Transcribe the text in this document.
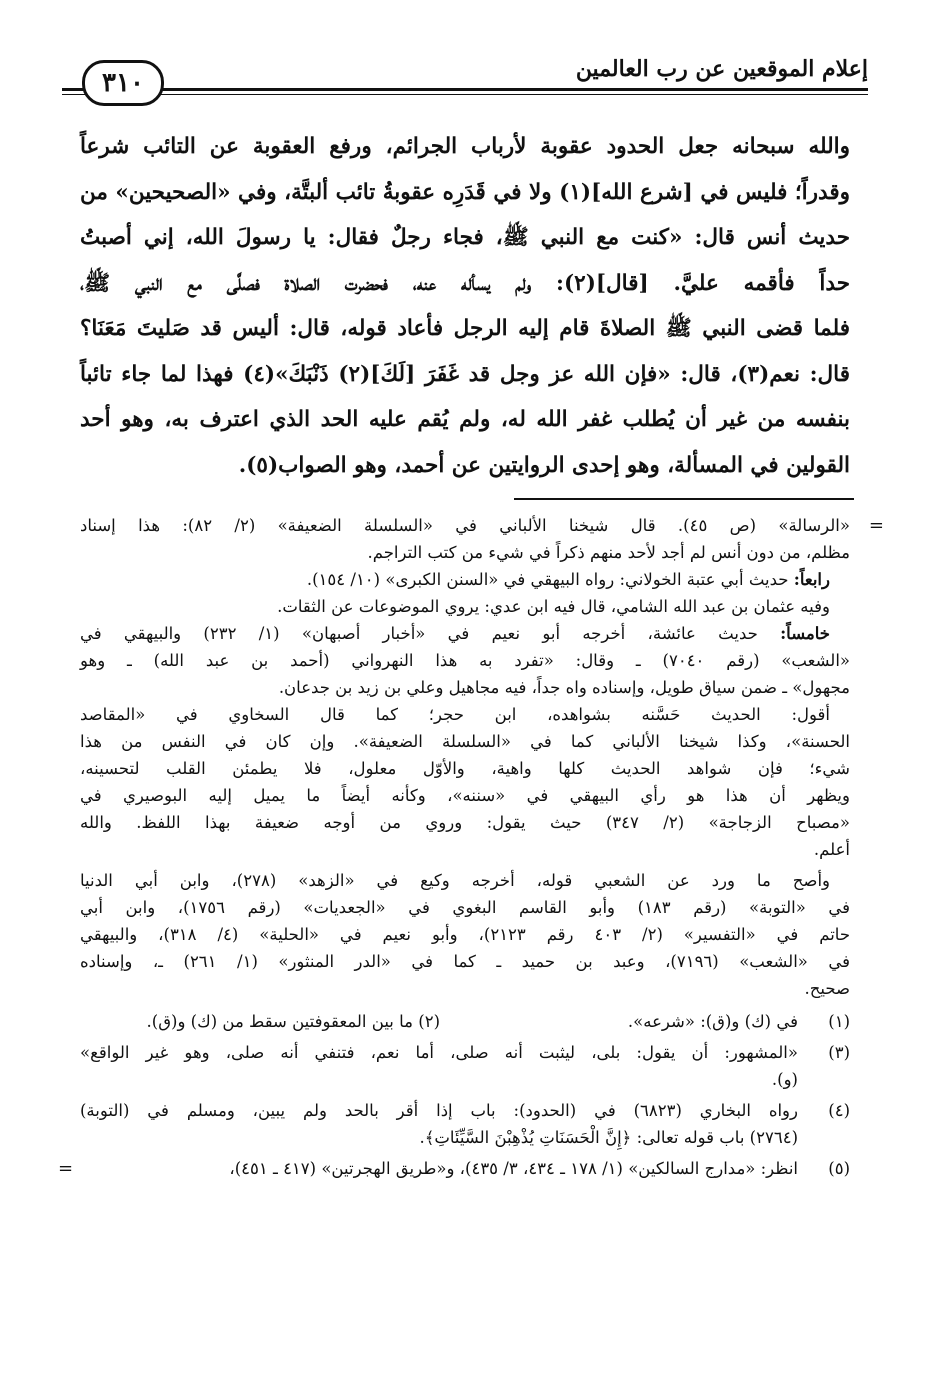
إعلام الموقعين عن رب العالمين
٣١٠

والله سبحانه جعل الحدود عقوبة لأرباب الجرائم، ورفع العقوبة عن التائب شرعاً
وقدراً؛ فليس في [شرع الله](١) ولا في قَدَرِه عقوبةُ تائب ألبتَّة، وفي «الصحيحين» من
حديث أنس قال: «كنت مع النبي ﷺ، فجاء رجلٌ فقال: يا رسولَ الله، إني أصبتُ
حداً فأقمه عليَّ. [قال](٢): ولم يسأله عنه، فحضرت الصلاة فصلَّى مع النبي ﷺ،
فلما قضى النبي ﷺ الصلاةَ قام إليه الرجل فأعاد قوله، قال: أليس قد صَليتَ مَعَنَا؟
قال: نعم(٣)، قال: «فإن الله عز وجل قد غَفَرَ [لَكَ](٢) ذَنْبَكَ»(٤) فهذا لما جاء تائباً
بنفسه من غير أن يُطلب غفر الله له، ولم يُقم عليه الحد الذي اعترف به، وهو أحد
القولين في المسألة، وهو إحدى الروايتين عن أحمد، وهو الصواب(٥).

=
«الرسالة» (ص ٤٥). قال شيخنا الألباني في «السلسلة الضعيفة» (٢/ ٨٢): هذا إسناد
مظلم، من دون أنس لم أجد لأحد منهم ذكراً في شيء من كتب التراجم.
رابعاً: حديث أبي عتبة الخولاني: رواه البيهقي في «السنن الكبرى» (١٠/ ١٥٤).
وفيه عثمان بن عبد الله الشامي، قال فيه ابن عدي: يروي الموضوعات عن الثقات.
خامساً: حديث عائشة، أخرجه أبو نعيم في «أخبار أصبهان» (١/ ٢٣٢) والبيهقي في
«الشعب» (رقم ٧٠٤٠) ـ وقال: «تفرد به هذا النهرواني (أحمد بن عبد الله) ـ وهو
مجهول» ـ ضمن سياق طويل، وإسناده واه جداً، فيه مجاهيل وعلي بن زيد بن جدعان.
أقول: الحديث حَسَّنه بشواهده، ابن حجر؛ كما قال السخاوي في «المقاصد
الحسنة»، وكذا شيخنا الألباني كما في «السلسلة الضعيفة». وإن كان في النفس من هذا
شيء؛ فإن شواهد الحديث كلها واهية، والأوّل معلول، فلا يطمئن القلب لتحسينه،
ويظهر أن هذا هو رأي البيهقي في «سننه»، وكأنه أيضاً ما يميل إليه البوصيري في
«مصباح الزجاجة» (٢/ ٣٤٧) حيث يقول: وروي من أوجه ضعيفة بهذا اللفظ. والله
أعلم.
وأصح ما ورد عن الشعبي قوله، أخرجه وكيع في «الزهد» (٢٧٨)، وابن أبي الدنيا
في «التوبة» (رقم ١٨٣) وأبو القاسم البغوي في «الجعديات» (رقم ١٧٥٦)، وابن أبي
حاتم في «التفسير» (٢/ ٤٠٣ رقم ٢١٢٣)، وأبو نعيم في «الحلية» (٤/ ٣١٨)، والبيهقي
في «الشعب» (٧١٩٦)، وعبد بن حميد ـ كما في «الدر المنثور» (١/ ٢٦١) ـ، وإسناده
صحيح.
(١)
في (ك) و(ق): «شرعه».
(٢) ما بين المعقوفتين سقط من (ك) و(ق).
(٣)
«المشهور: أن يقول: بلى، ليثبت أنه صلى، أما نعم، فتنفي أنه صلى، وهو غير الواقع»
(و).
(٤)
رواه البخاري (٦٨٢٣) في (الحدود): باب إذا أقر بالحد ولم يبين، ومسلم في (التوبة)
(٢٧٦٤) باب قوله تعالى: ﴿إِنَّ الْحَسَنَاتِ يُذْهِبْنَ السَّيِّئَاتِ﴾.
(٥)
انظر: «مدارج السالكين» (١/ ١٧٨ ـ ٤٣٤، ٣/ ٤٣٥)، و«طريق الهجرتين» (٤١٧ ـ ٤٥١)،
=
